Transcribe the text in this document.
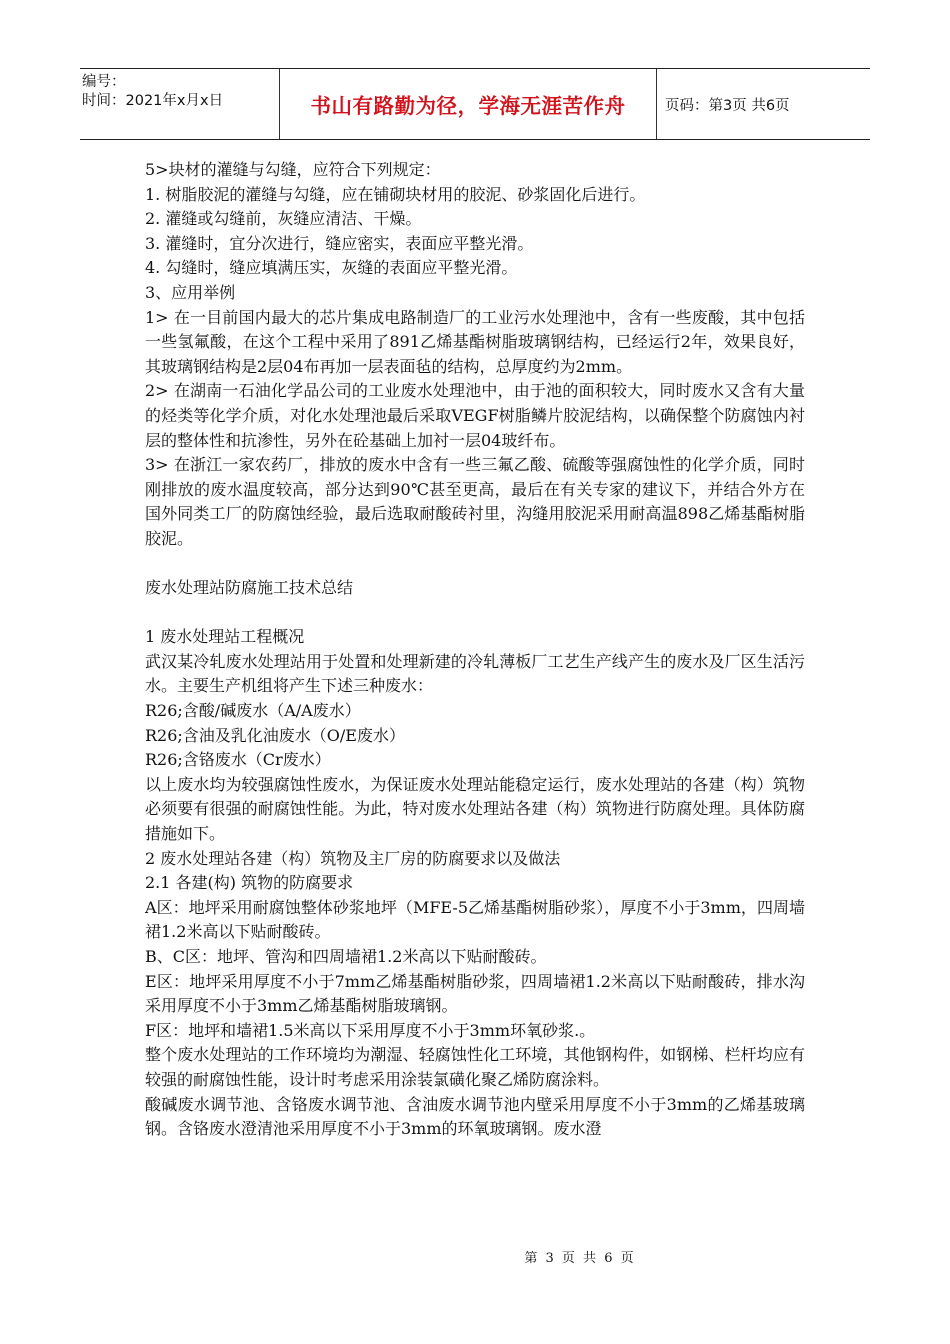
编号：
时间：2021年x月x日	书山有路勤为径，学海无涯苦作舟	页码：第3页 共6页

5>块材的灌缝与勾缝，应符合下列规定：

1. 树脂胶泥的灌缝与勾缝，应在铺砌块材用的胶泥、砂浆固化后进行。

2. 灌缝或勾缝前，灰缝应清洁、干燥。

3. 灌缝时，宜分次进行，缝应密实，表面应平整光滑。

4. 勾缝时，缝应填满压实，灰缝的表面应平整光滑。

3、应用举例

1> 在一目前国内最大的芯片集成电路制造厂的工业污水处理池中，含有一些废酸，其中包括一些氢氟酸，在这个工程中采用了891乙烯基酯树脂玻璃钢结构，已经运行2年，效果良好，其玻璃钢结构是2层04布再加一层表面毡的结构，总厚度约为2mm。

2> 在湖南一石油化学品公司的工业废水处理池中，由于池的面积较大，同时废水又含有大量的烃类等化学介质，对化水处理池最后采取VEGF树脂鳞片胶泥结构，以确保整个防腐蚀内衬层的整体性和抗渗性，另外在砼基础上加衬一层04玻纤布。

3> 在浙江一家农药厂，排放的废水中含有一些三氟乙酸、硫酸等强腐蚀性的化学介质，同时刚排放的废水温度较高，部分达到90℃甚至更高，最后在有关专家的建议下，并结合外方在国外同类工厂的防腐蚀经验，最后选取耐酸砖衬里，沟缝用胶泥采用耐高温898乙烯基酯树脂胶泥。

废水处理站防腐施工技术总结

1 废水处理站工程概况

武汉某冷轧废水处理站用于处置和处理新建的冷轧薄板厂工艺生产线产生的废水及厂区生活污水。主要生产机组将产生下述三种废水：

R26;含酸/碱废水（A/A废水）

R26;含油及乳化油废水（O/E废水）

R26;含铬废水（Cr废水）

以上废水均为较强腐蚀性废水，为保证废水处理站能稳定运行，废水处理站的各建（构）筑物必须要有很强的耐腐蚀性能。为此，特对废水处理站各建（构）筑物进行防腐处理。具体防腐措施如下。

2 废水处理站各建（构）筑物及主厂房的防腐要求以及做法

2.1 各建(构) 筑物的防腐要求

A区：地坪采用耐腐蚀整体砂浆地坪（MFE-5乙烯基酯树脂砂浆），厚度不小于3mm，四周墙裙1.2米高以下贴耐酸砖。

B、C区：地坪、管沟和四周墙裙1.2米高以下贴耐酸砖。

E区：地坪采用厚度不小于7mm乙烯基酯树脂砂浆，四周墙裙1.2米高以下贴耐酸砖，排水沟采用厚度不小于3mm乙烯基酯树脂玻璃钢。

F区：地坪和墙裙1.5米高以下采用厚度不小于3mm环氧砂浆.。

整个废水处理站的工作环境均为潮湿、轻腐蚀性化工环境，其他钢构件，如钢梯、栏杆均应有较强的耐腐蚀性能，设计时考虑采用涂装氯磺化聚乙烯防腐涂料。

酸碱废水调节池、含铬废水调节池、含油废水调节池内壁采用厚度不小于3mm的乙烯基玻璃钢。含铬废水澄清池采用厚度不小于3mm的环氧玻璃钢。废水澄

第 3 页 共 6 页
